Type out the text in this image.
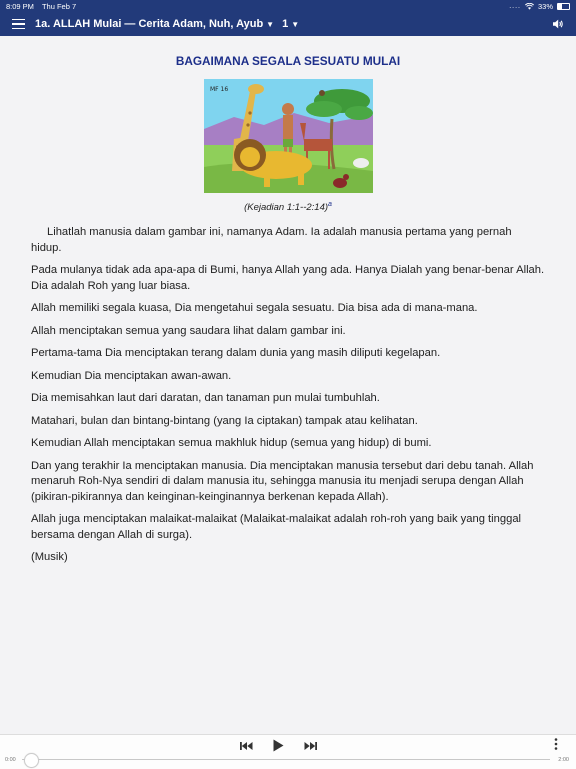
8:09 PM Thu Feb 7	.... 33%
1a. ALLAH Mulai — Cerita Adam, Nuh, Ayub ▼ 1 ▼
BAGAIMANA SEGALA SESUATU MULAI
MF 16
(Kejadian 1:1--2:14)$^a$

Lihatlah manusia dalam gambar ini, namanya Adam. Ia adalah manusia pertama yang pernah hidup.

Pada mulanya tidak ada apa-apa di Bumi, hanya Allah yang ada. Hanya Dialah yang benar-benar Allah. Dia adalah Roh yang luar biasa.

Allah memiliki segala kuasa, Dia mengetahui segala sesuatu. Dia bisa ada di mana-mana.

Allah menciptakan semua yang saudara lihat dalam gambar ini.

Pertama-tama Dia menciptakan terang dalam dunia yang masih diliputi kegelapan.

Kemudian Dia menciptakan awan-awan.

Dia memisahkan laut dari daratan, dan tanaman pun mulai tumbuhlah.

Matahari, bulan dan bintang-bintang (yang Ia ciptakan) tampak atau kelihatan.

Kemudian Allah menciptakan semua makhluk hidup (semua yang hidup) di bumi.

Dan yang terakhir Ia menciptakan manusia. Dia menciptakan manusia tersebut dari debu tanah. Allah menaruh Roh-Nya sendiri di dalam manusia itu, sehingga manusia itu menjadi serupa dengan Allah (pikiran-pikirannya dan keinginan-keinginannya berkenan kepada Allah).

Allah juga menciptakan malaikat-malaikat (Malaikat-malaikat adalah roh-roh yang baik yang tinggal bersama dengan Allah di surga).

(Musik)

0:00	2:00
